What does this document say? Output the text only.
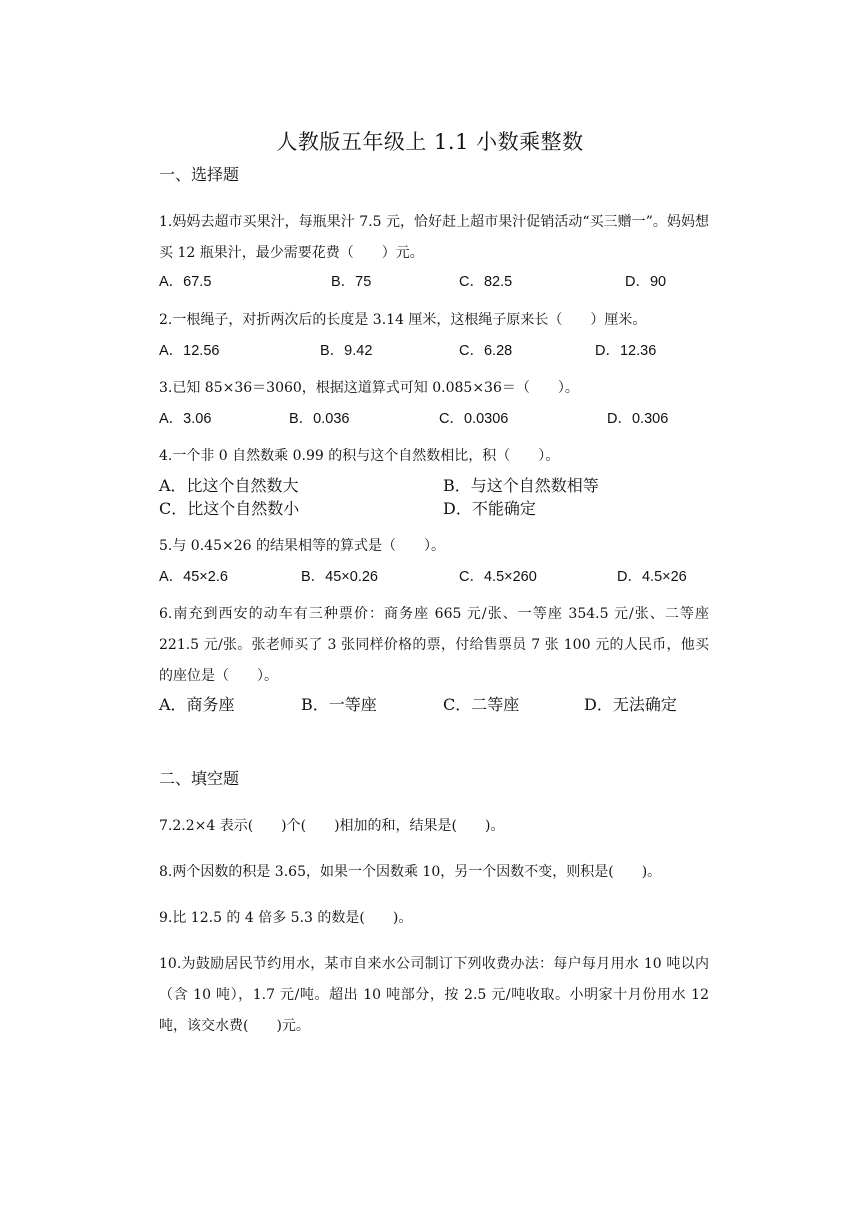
人教版五年级上 1.1 小数乘整数
一、选择题
1.妈妈去超市买果汁，每瓶果汁 7.5 元，恰好赶上超市果汁促销活动“买三赠一”。妈妈想买 12 瓶果汁，最少需要花费（　　）元。
A．67.5	B．75	C．82.5	D．90
2.一根绳子，对折两次后的长度是 3.14 厘米，这根绳子原来长（　　）厘米。
A．12.56	B．9.42	C．6.28	D．12.36
3.已知 85×36＝3060，根据这道算式可知 0.085×36＝（　　）。
A．3.06	B．0.036	C．0.0306	D．0.306
4.一个非 0 自然数乘 0.99 的积与这个自然数相比，积（　　）。
A．比这个自然数大	B．与这个自然数相等
C．比这个自然数小	D．不能确定
5.与 0.45×26 的结果相等的算式是（　　）。
A．45×2.6	B．45×0.26	C．4.5×260	D．4.5×26
6.南充到西安的动车有三种票价：商务座 665 元/张、一等座 354.5 元/张、二等座 221.5 元/张。张老师买了 3 张同样价格的票，付给售票员 7 张 100 元的人民币，他买的座位是（　　）。
A．商务座	B．一等座	C．二等座	D．无法确定
二、填空题
7.2.2×4 表示(　　)个(　　)相加的和，结果是(　　)。
8.两个因数的积是 3.65，如果一个因数乘 10，另一个因数不变，则积是(　　)。
9.比 12.5 的 4 倍多 5.3 的数是(　　)。
10.为鼓励居民节约用水，某市自来水公司制订下列收费办法：每户每月用水 10 吨以内（含 10 吨），1.7 元/吨。超出 10 吨部分，按 2.5 元/吨收取。小明家十月份用水 12 吨，该交水费(　　)元。
